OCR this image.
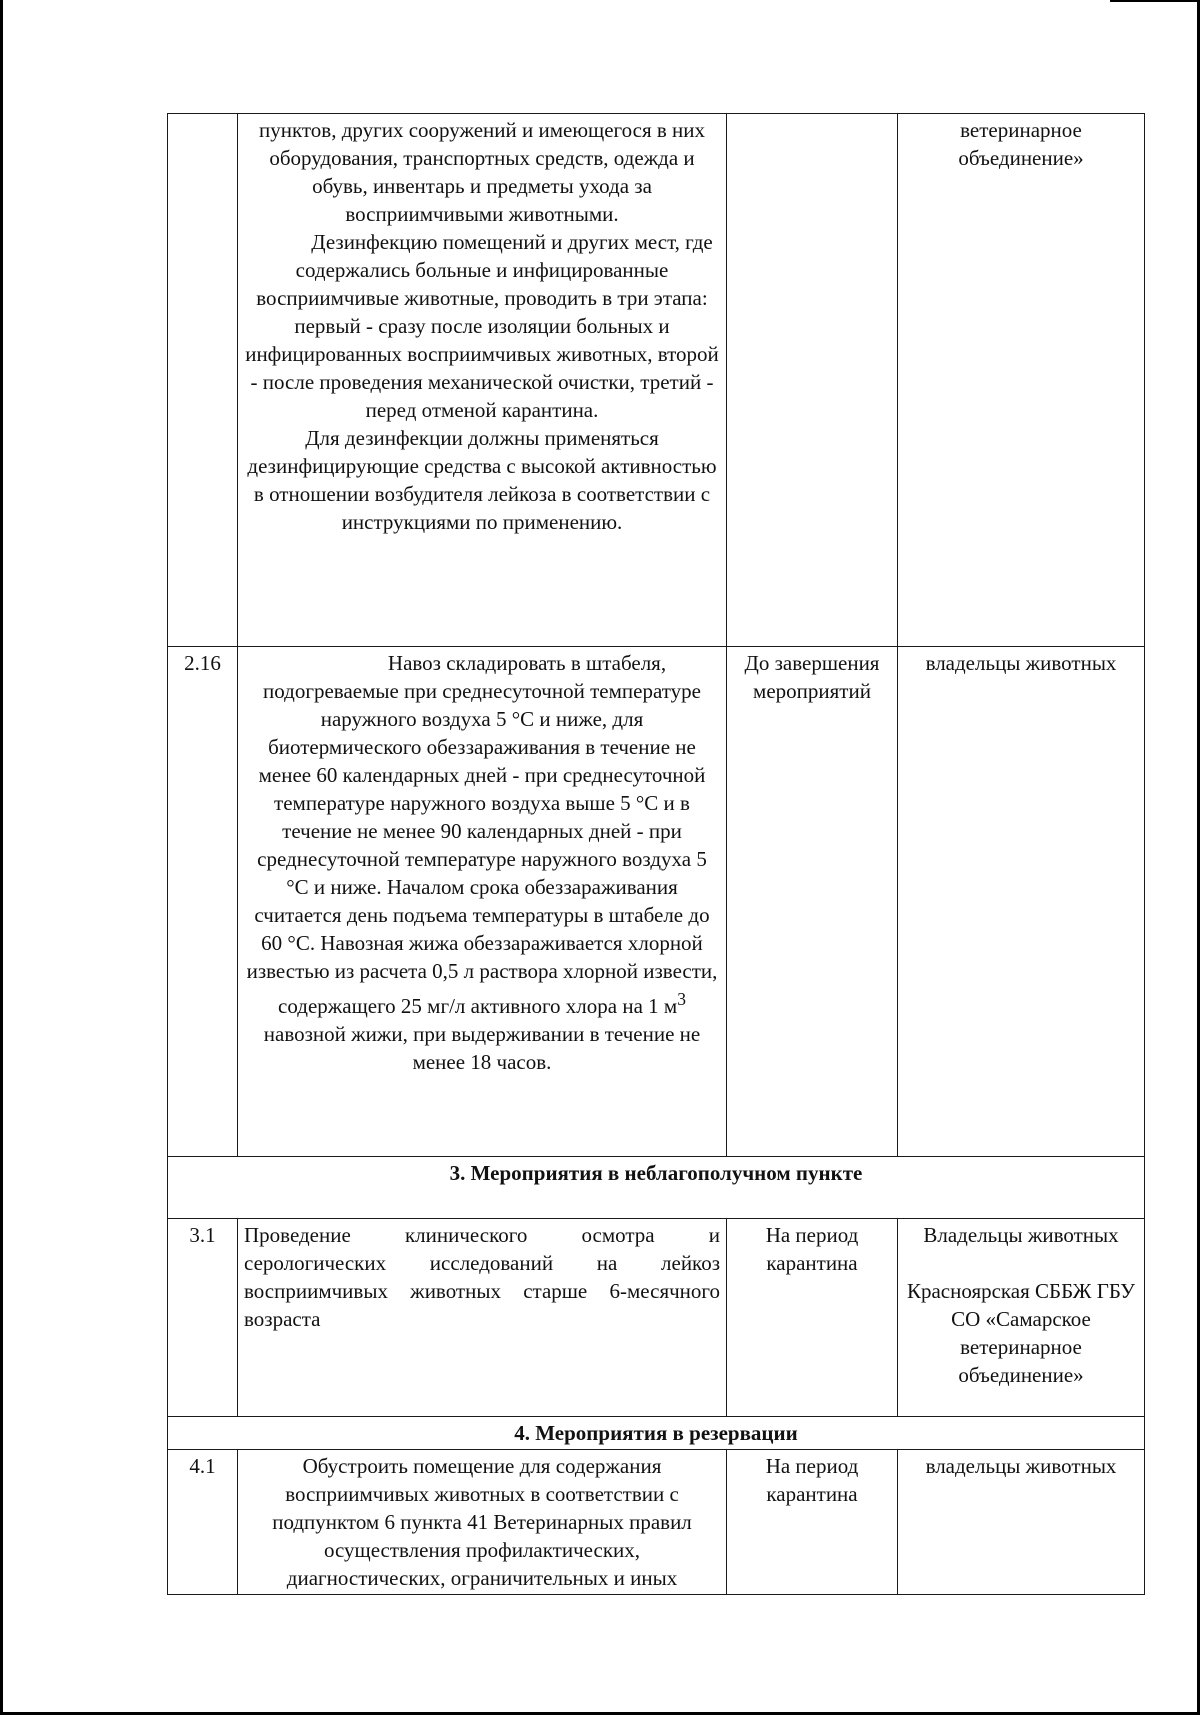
	пунктов, других сооружений и имеющегося в них оборудования, транспортных средств, одежда и обувь, инвентарь и предметы ухода за восприимчивыми животными.
Дезинфекцию помещений и других мест, где содержались больные и инфицированные восприимчивые животные, проводить в три этапа: первый - сразу после изоляции больных и инфицированных восприимчивых животных, второй - после проведения механической очистки, третий - перед отменой карантина.
Для дезинфекции должны применяться дезинфицирующие средства с высокой активностью в отношении возбудителя лейкоза в соответствии с инструкциями по применению.		ветеринарное объединение»
2.16	Навоз складировать в штабеля, подогреваемые при среднесуточной температуре наружного воздуха 5 °С и ниже, для биотермического обеззараживания в течение не менее 60 календарных дней - при среднесуточной температуре наружного воздуха выше 5 °С и в течение не менее 90 календарных дней - при среднесуточной температуре наружного воздуха 5 °С и ниже. Началом срока обеззараживания считается день подъема температуры в штабеле до 60 °С. Навозная жижа обеззараживается хлорной известью из расчета 0,5 л раствора хлорной извести, содержащего 25 мг/л активного хлора на 1 $м^3$ навозной жижи, при выдерживании в течение не менее 18 часов.	До завершения мероприятий	владельцы животных
3. Мероприятия в неблагополучном пункте			
3.1	Проведение клинического осмотра и серологических исследований на лейкоз восприимчивых животных старше 6-месячного возраста	На период карантина	Владельцы животных
Красноярская СББЖ ГБУ СО «Самарское ветеринарное объединение»

4. Мероприятия в резервации			
4.1	Обустроить помещение для содержания восприимчивых животных в соответствии с подпунктом 6 пункта 41 Ветеринарных правил осуществления профилактических, диагностических, ограничительных и иных	На период карантина	владельцы животных
